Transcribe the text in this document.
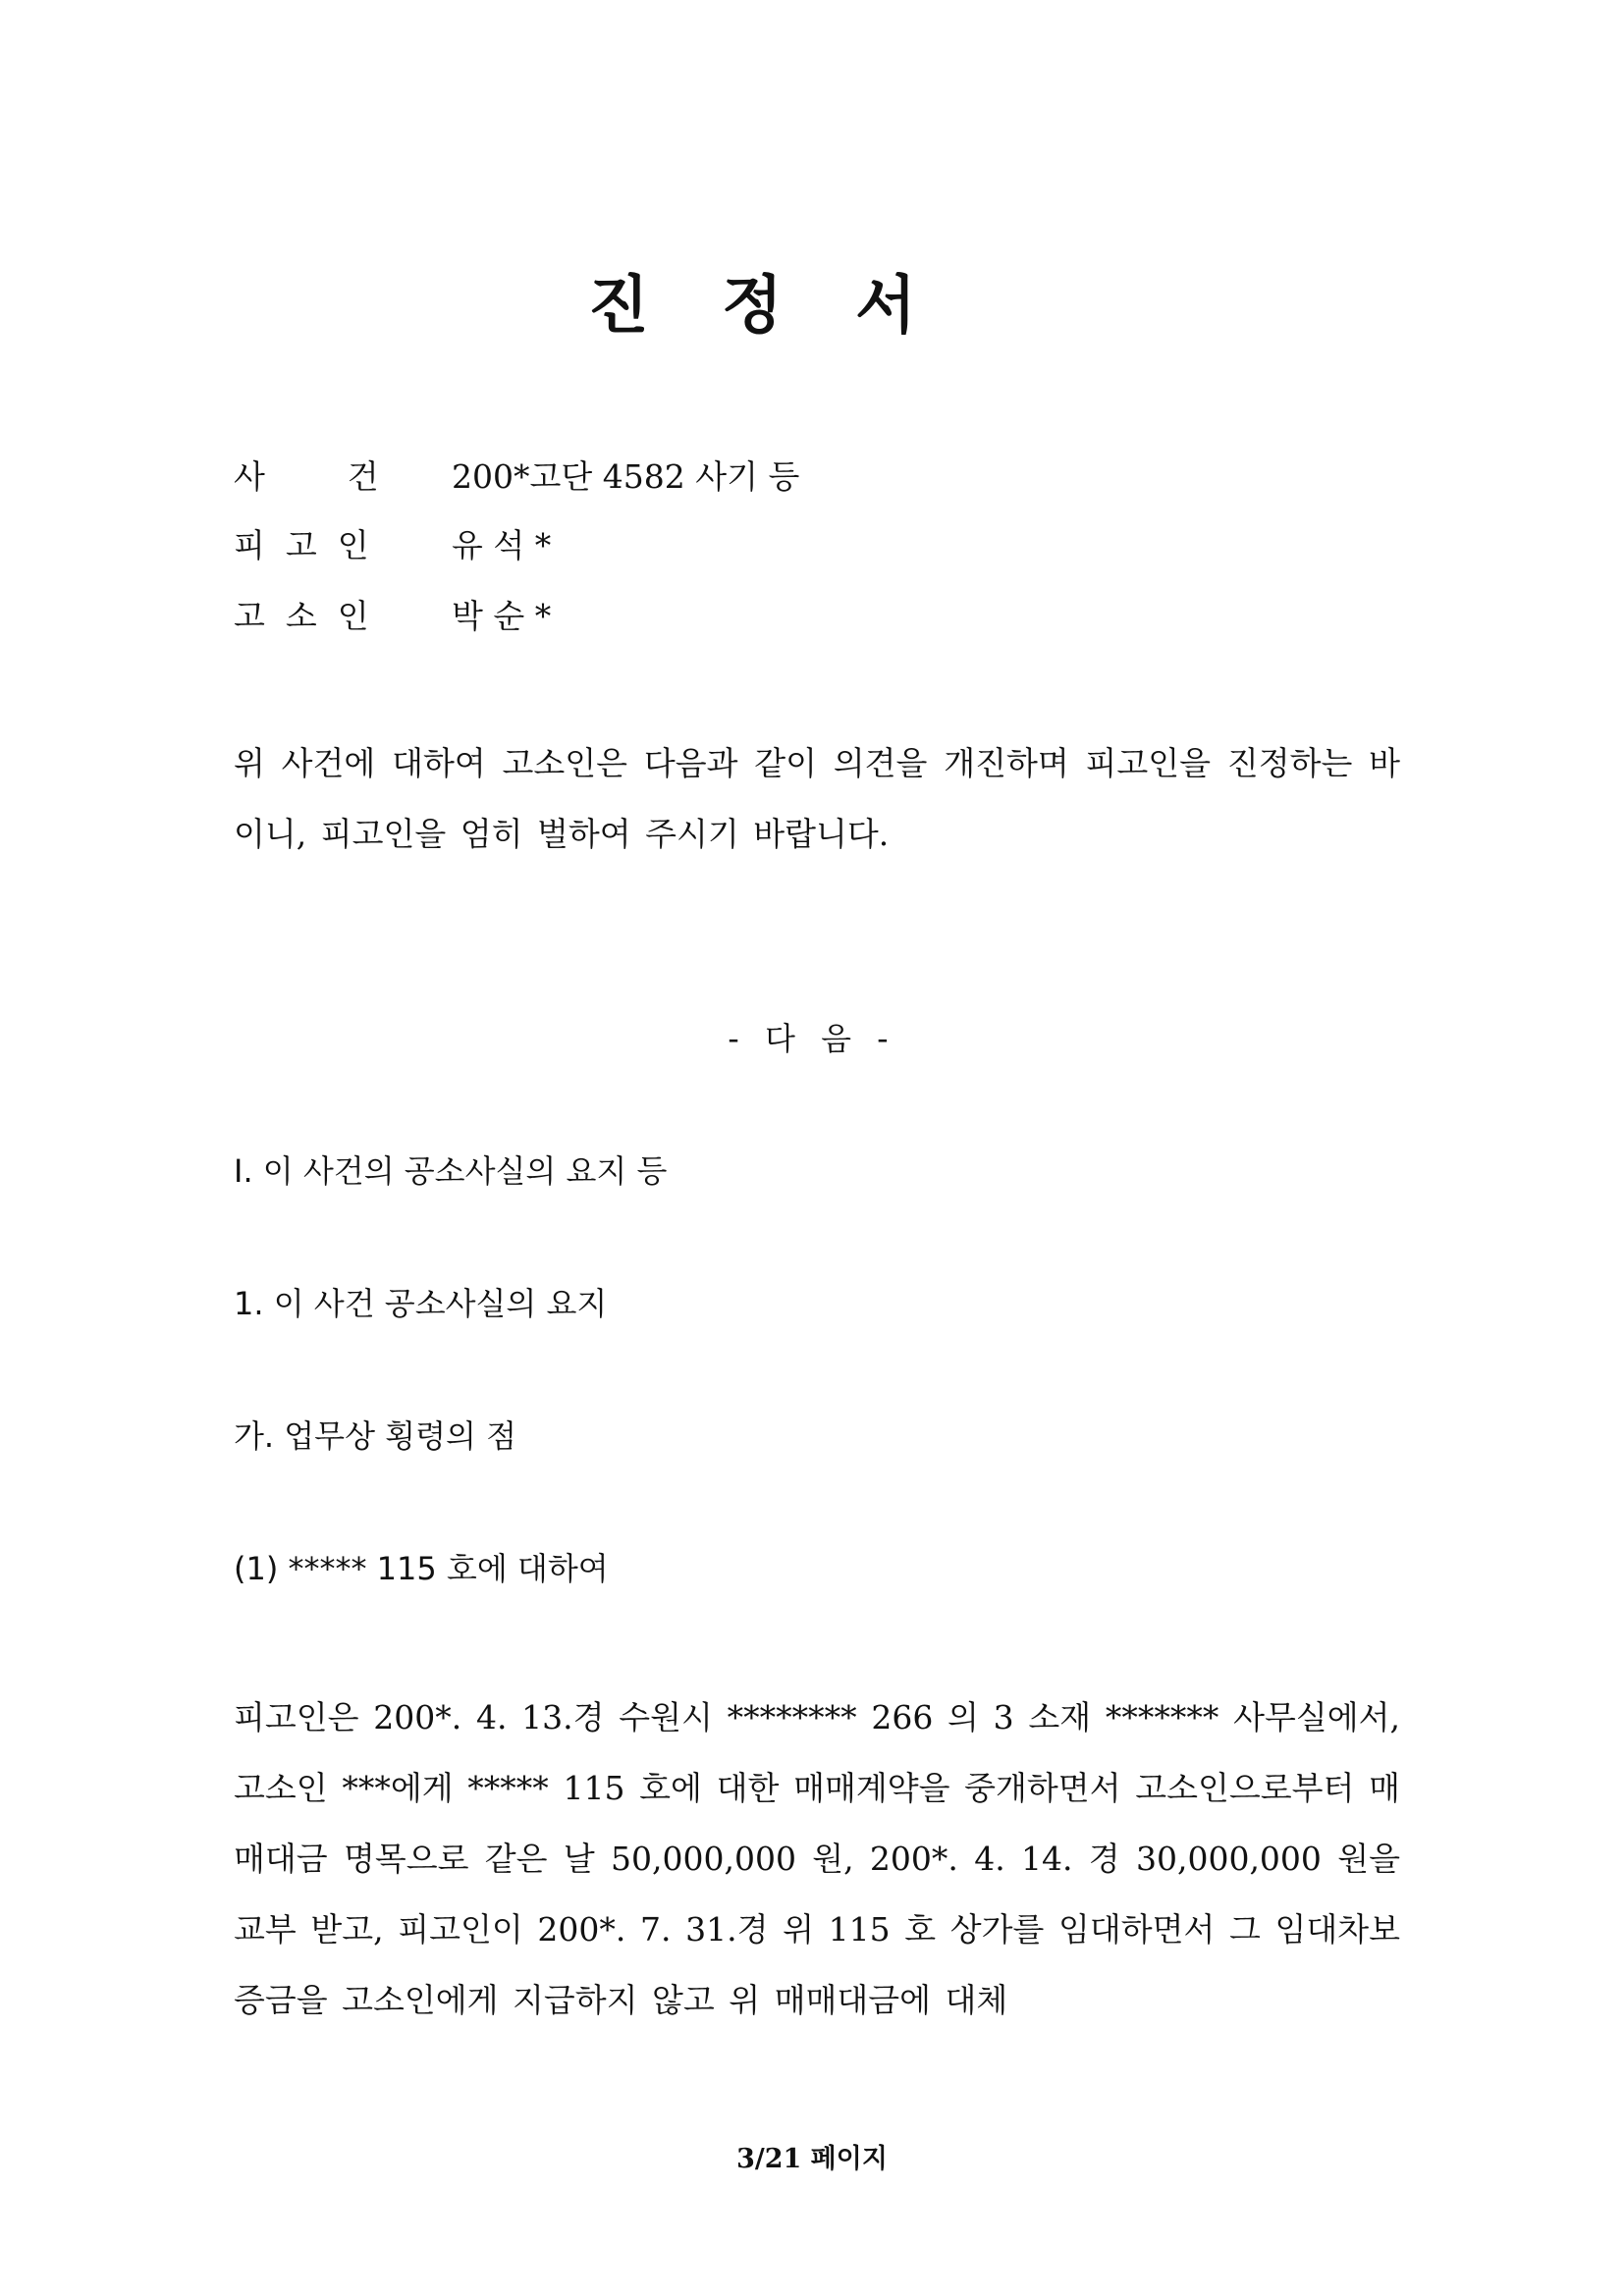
진 정 서
사        건	200*고단 4582 사기 등
피  고  인	유 석 *
고  소  인	박 순 *
위 사건에 대하여 고소인은 다음과 같이 의견을 개진하며 피고인을 진정하는 바이니, 피고인을 엄히 벌하여 주시기 바랍니다.
- 다 음 -
Ⅰ. 이 사건의 공소사실의 요지 등
1. 이 사건 공소사실의 요지
가. 업무상 횡령의 점
(1) ***** 115 호에 대하여
피고인은 200*. 4. 13.경 수원시 ******** 266 의 3 소재 ******* 사무실에서, 고소인 ***에게 ***** 115 호에 대한 매매계약을 중개하면서 고소인으로부터 매매대금 명목으로 같은 날 50,000,000 원, 200*. 4. 14. 경 30,000,000 원을 교부 받고, 피고인이 200*. 7. 31.경 위 115 호 상가를 임대하면서 그 임대차보증금을 고소인에게 지급하지 않고 위 매매대금에 대체
3/21 페이지
